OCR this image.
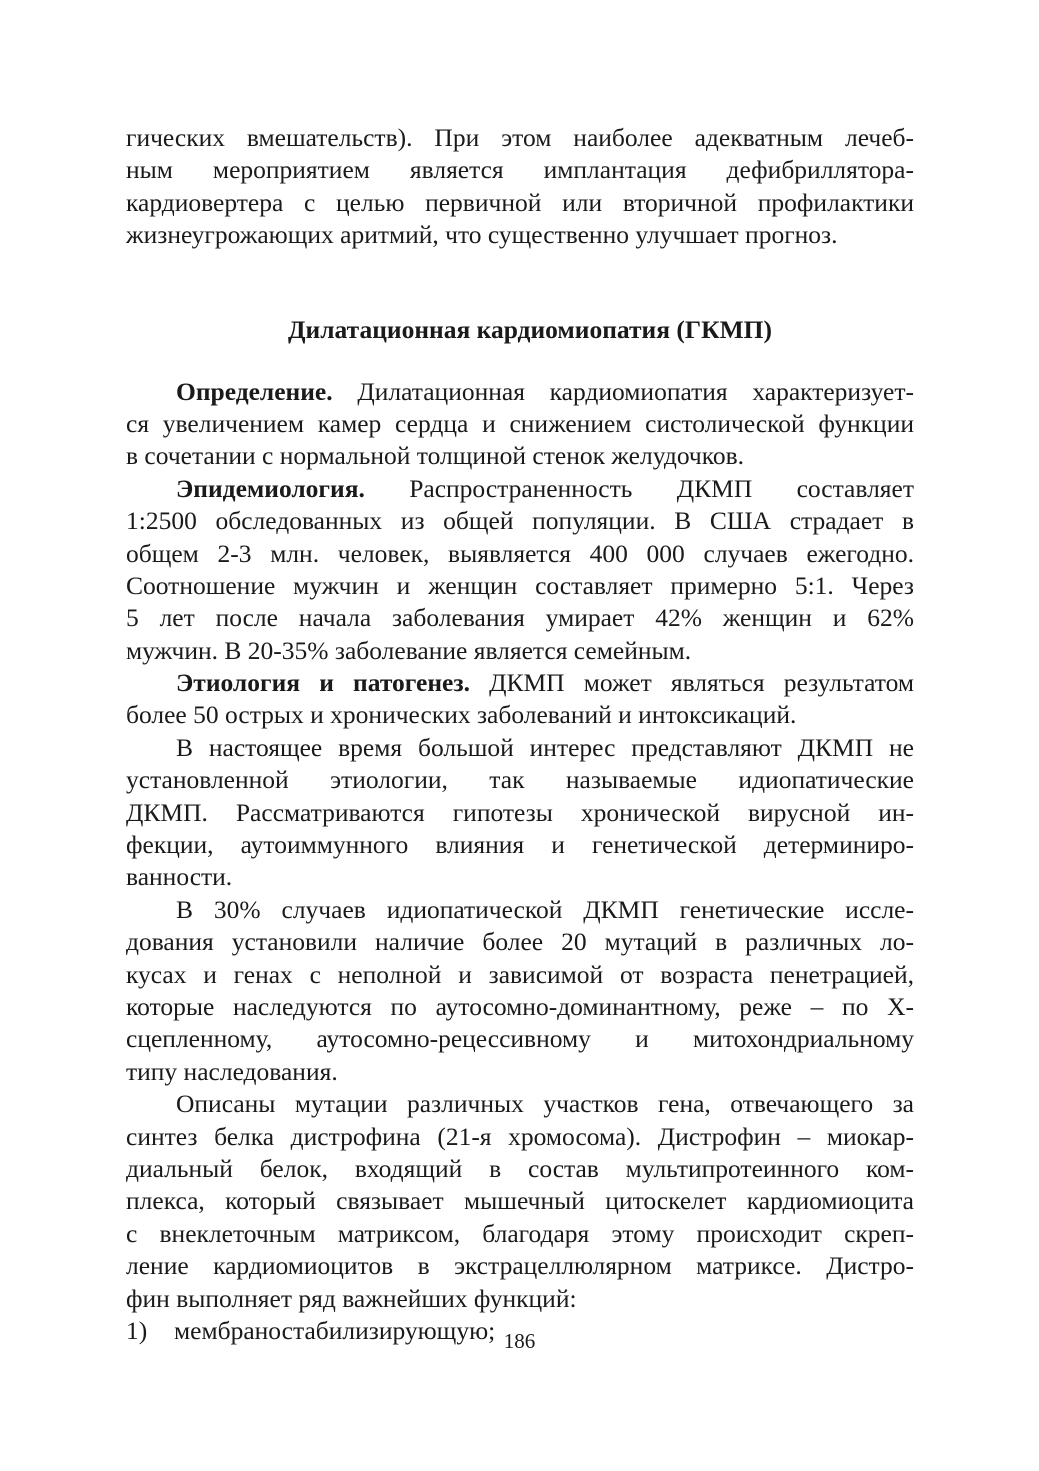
гических вмешательств). При этом наиболее адекватным лечеб-
ным мероприятием является имплантация дефибриллятора-
кардиовертера с целью первичной или вторичной профилактики
жизнеугрожающих аритмий, что существенно улучшает прогноз.
Дилатационная кардиомиопатия (ГКМП)
Определение. Дилатационная кардиомиопатия характеризует-
ся увеличением камер сердца и снижением систолической функции
в сочетании с нормальной толщиной стенок желудочков.
Эпидемиология. Распространенность ДКМП составляет
1:2500 обследованных из общей популяции. В США страдает в
общем 2-3 млн. человек, выявляется 400 000 случаев ежегодно.
Соотношение мужчин и женщин составляет примерно 5:1. Через
5 лет после начала заболевания умирает 42% женщин и 62%
мужчин. В 20-35% заболевание является семейным.
Этиология и патогенез. ДКМП может являться результатом
более 50 острых и хронических заболеваний и интоксикаций.
В настоящее время большой интерес представляют ДКМП не
установленной этиологии, так называемые идиопатические
ДКМП. Рассматриваются гипотезы хронической вирусной ин-
фекции, аутоиммунного влияния и генетической детерминиро-
ванности.
В 30% случаев идиопатической ДКМП генетические иссле-
дования установили наличие более 20 мутаций в различных ло-
кусах и генах с неполной и зависимой от возраста пенетрацией,
которые наследуются по аутосомно-доминантному, реже – по Х-
сцепленному, аутосомно-рецессивному и митохондриальному
типу наследования.
Описаны мутации различных участков гена, отвечающего за
синтез белка дистрофина (21-я хромосома). Дистрофин – миокар-
диальный белок, входящий в состав мультипротеинного ком-
плекса, который связывает мышечный цитоскелет кардиомиоцита
с внеклеточным матриксом, благодаря этому происходит скреп-
ление кардиомиоцитов в экстрацеллюлярном матриксе. Дистро-
фин выполняет ряд важнейших функций:
1) мембраностабилизирующую; 186
